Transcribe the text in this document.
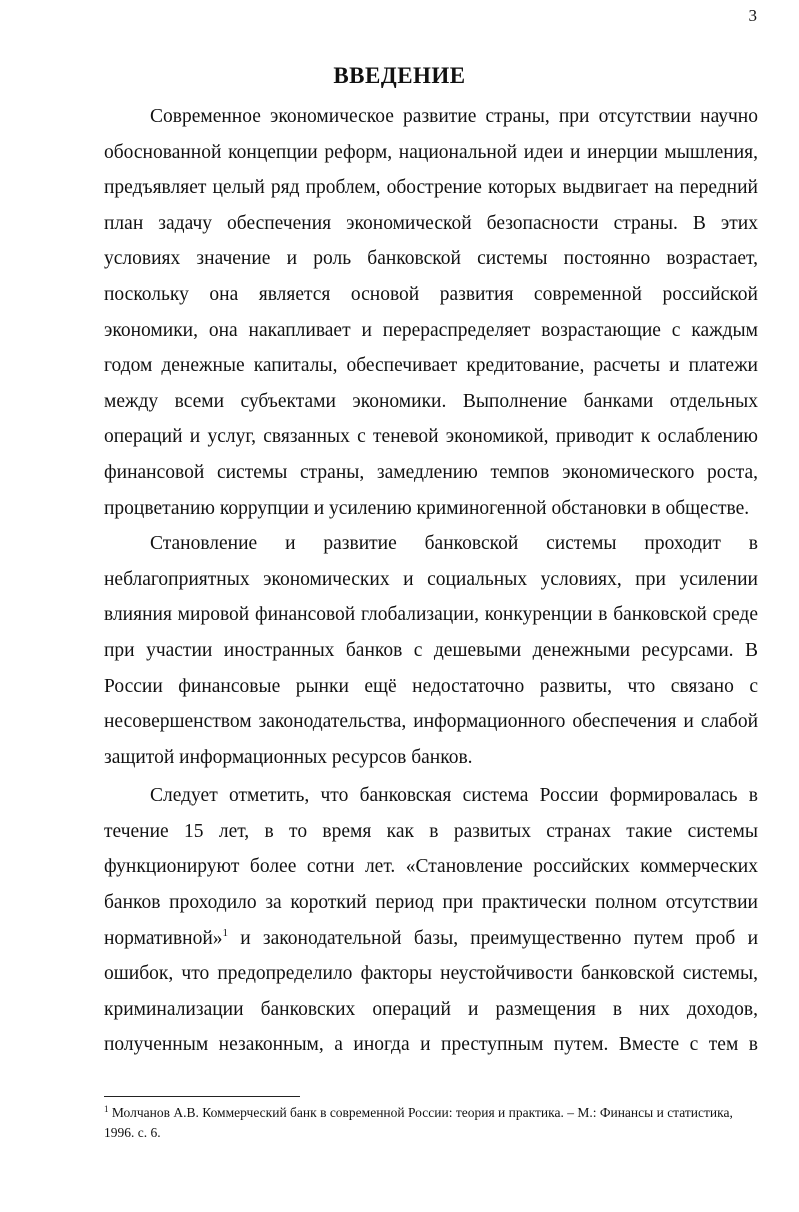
3
ВВЕДЕНИЕ
Современное экономическое развитие страны, при отсутствии научно
обоснованной концепции реформ, национальной идеи и инерции мышления,
предъявляет целый ряд проблем, обострение которых выдвигает на передний
план задачу обеспечения экономической безопасности страны. В этих
условиях значение и роль банковской системы постоянно возрастает,
поскольку она является основой развития современной российской
экономики, она накапливает и перераспределяет возрастающие с каждым
годом денежные капиталы, обеспечивает кредитование, расчеты и платежи
между всеми субъектами экономики. Выполнение банками отдельных
операций и услуг, связанных с теневой экономикой, приводит к ослаблению
финансовой системы страны, замедлению темпов экономического роста,
процветанию коррупции и усилению криминогенной обстановки в обществе.
Становление и развитие банковской системы проходит в
неблагоприятных экономических и социальных условиях, при усилении
влияния мировой финансовой глобализации, конкуренции в банковской среде
при участии иностранных банков с дешевыми денежными ресурсами. В
России финансовые рынки ещё недостаточно развиты, что связано с
несовершенством законодательства, информационного обеспечения и слабой
защитой информационных ресурсов банков.
Следует отметить, что банковская система России формировалась в
течение 15 лет, в то время как в развитых странах такие системы
функционируют более сотни лет. «Становление российских коммерческих
банков проходило за короткий период при практически полном отсутствии
нормативной»$^1$ и законодательной базы, преимущественно путем проб и
ошибок, что предопределило факторы неустойчивости банковской системы,
криминализации банковских операций и размещения в них доходов,
полученным незаконным, а иногда и преступным путем. Вместе с тем в
$^1$ Молчанов А.В. Коммерческий банк в современной России: теория и практика. – М.: Финансы и статистика,
1996. с. 6.
